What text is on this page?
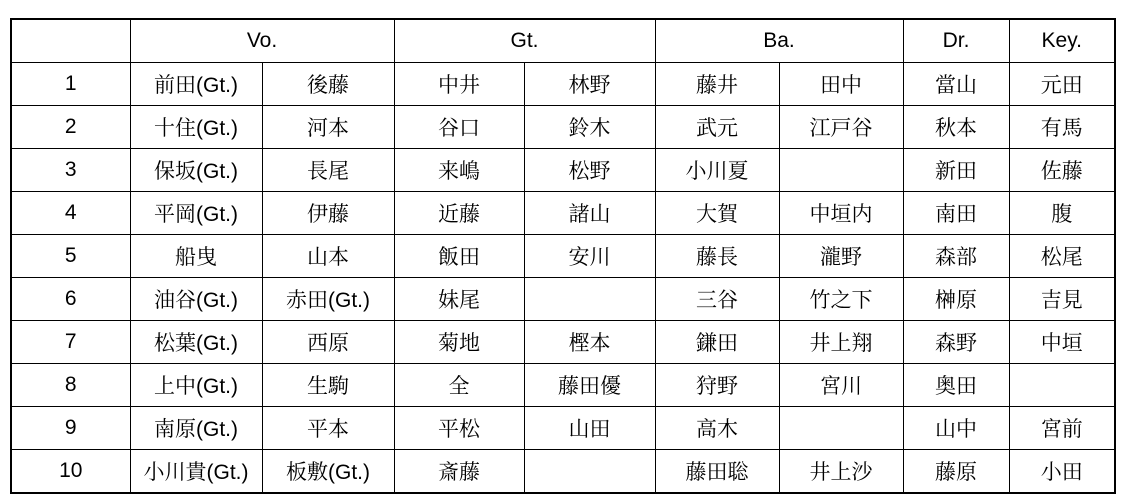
	Vo.		Gt.		Ba.		Dr.	Key.
1	前田(Gt.)	後藤	中井	林野	藤井	田中	當山	元田
2	十住(Gt.)	河本	谷口	鈴木	武元	江戸谷	秋本	有馬
3	保坂(Gt.)	長尾	来嶋	松野	小川夏		新田	佐藤
4	平岡(Gt.)	伊藤	近藤	諸山	大賀	中垣内	南田	腹
5	船曳	山本	飯田	安川	藤長	瀧野	森部	松尾
6	油谷(Gt.)	赤田(Gt.)	妹尾		三谷	竹之下	榊原	吉見
7	松葉(Gt.)	西原	菊地	樫本	鎌田	井上翔	森野	中垣
8	上中(Gt.)	生駒	全	藤田優	狩野	宮川	奥田	
9	南原(Gt.)	平本	平松	山田	高木		山中	宮前
10	小川貴(Gt.)	板敷(Gt.)	斎藤		藤田聡	井上沙	藤原	小田
